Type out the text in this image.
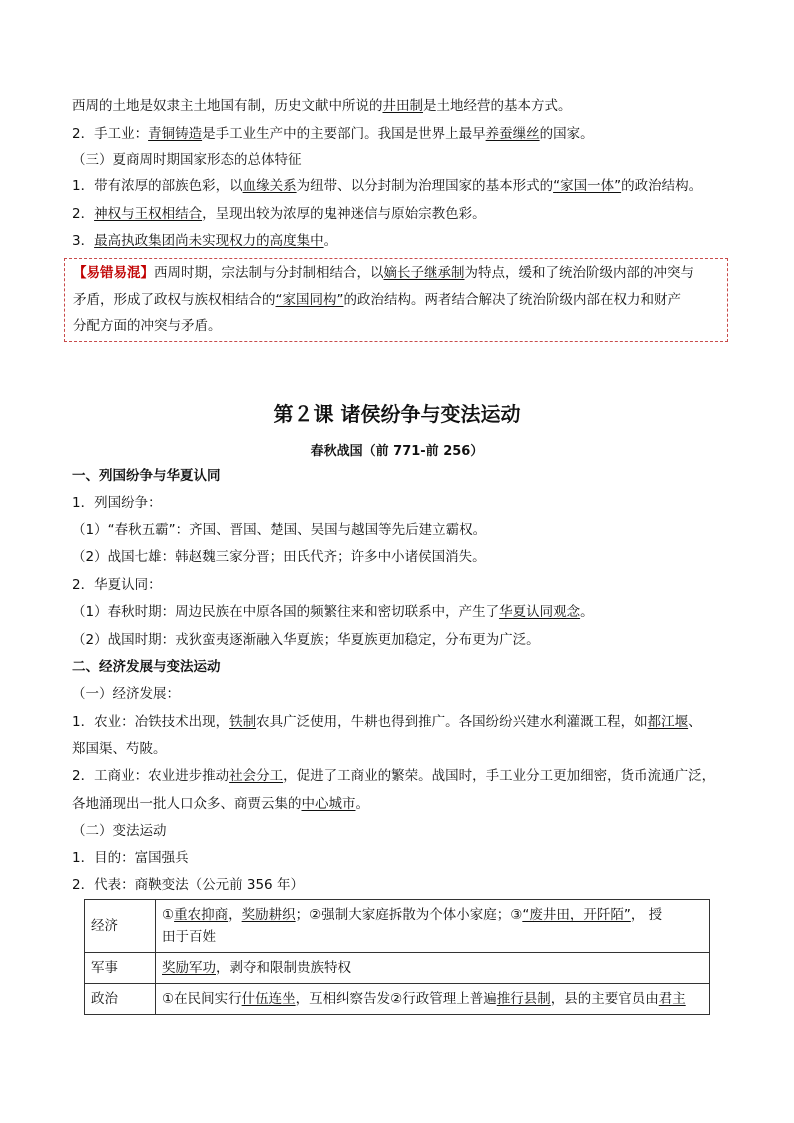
西周的土地是奴隶主土地国有制，历史文献中所说的井田制是土地经营的基本方式。
2．手工业：青铜铸造是手工业生产中的主要部门。我国是世界上最早养蚕缫丝的国家。
（三）夏商周时期国家形态的总体特征
1．带有浓厚的部族色彩，以血缘关系为纽带、以分封制为治理国家的基本形式的“家国一体”的政治结构。
2．神权与王权相结合，呈现出较为浓厚的鬼神迷信与原始宗教色彩。
3．最高执政集团尚未实现权力的高度集中。
【易错易混】西周时期，宗法制与分封制相结合，以嫡长子继承制为特点，缓和了统治阶级内部的冲突与
矛盾，形成了政权与族权相结合的“家国同构”的政治结构。两者结合解决了统治阶级内部在权力和财产
分配方面的冲突与矛盾。
第２课 诸侯纷争与变法运动
春秋战国（前 771-前 256）
一、列国纷争与华夏认同
1．列国纷争：
（1）“春秋五霸”：齐国、晋国、楚国、吴国与越国等先后建立霸权。
（2）战国七雄：韩赵魏三家分晋；田氏代齐；许多中小诸侯国消失。
2．华夏认同：
（1）春秋时期：周边民族在中原各国的频繁往来和密切联系中，产生了华夏认同观念。
（2）战国时期：戎狄蛮夷逐渐融入华夏族；华夏族更加稳定，分布更为广泛。
二、经济发展与变法运动
（一）经济发展：
1．农业：冶铁技术出现，铁制农具广泛使用，牛耕也得到推广。各国纷纷兴建水利灌溉工程，如都江堰、
郑国渠、芍陂。
2．工商业：农业进步推动社会分工，促进了工商业的繁荣。战国时，手工业分工更加细密，货币流通广泛，
各地涌现出一批人口众多、商贾云集的中心城市。
（二）变法运动
1．目的：富国强兵
2．代表：商鞅变法（公元前 356 年）
经济	①重农抑商，奖励耕织；②强制大家庭拆散为个体小家庭；③“废井田，开阡陌”， 授
田于百姓
军事	奖励军功，剥夺和限制贵族特权
政治	①在民间实行什伍连坐，互相纠察告发②行政管理上普遍推行县制，县的主要官员由君主
